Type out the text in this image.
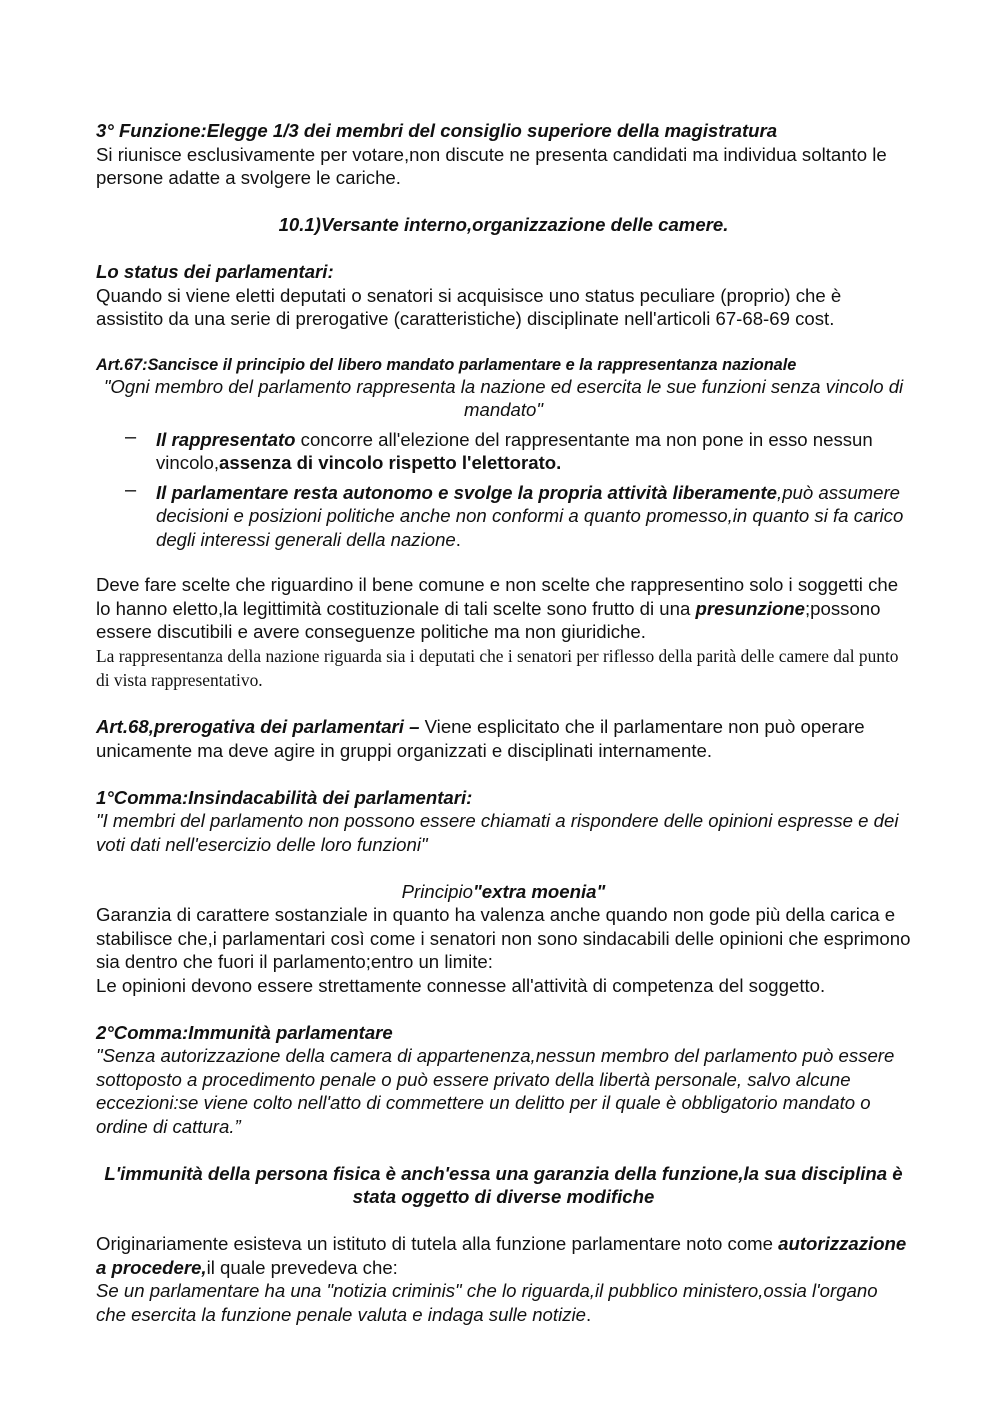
3° Funzione:Elegge 1/3 dei membri del consiglio superiore della magistratura

Si riunisce esclusivamente per votare,non discute ne presenta candidati ma individua soltanto le persone adatte a svolgere le cariche.

10.1)Versante interno,organizzazione delle camere.

Lo status dei parlamentari:

Quando si viene eletti deputati o senatori si acquisisce uno status peculiare (proprio) che è assistito da una serie di prerogative (caratteristiche) disciplinate nell'articoli 67-68-69 cost.

Art.67:Sancisce il principio del libero mandato parlamentare e la rappresentanza nazionale

"Ogni membro del parlamento rappresenta la nazione ed esercita le sue funzioni senza vincolo di mandato"

– Il rappresentato concorre all'elezione del rappresentante ma non pone in esso nessun vincolo,assenza di vincolo rispetto l'elettorato.
– Il parlamentare resta autonomo e svolge la propria attività liberamente,può assumere decisioni e posizioni politiche anche non conformi a quanto promesso,in quanto si fa carico degli interessi generali della nazione.

Deve fare scelte che riguardino il bene comune e non scelte che rappresentino solo i soggetti che lo hanno eletto,la legittimità costituzionale di tali scelte sono frutto di una presunzione;possono essere discutibili e avere conseguenze politiche ma non giuridiche.

La rappresentanza della nazione riguarda sia i deputati che i senatori per riflesso della parità delle camere dal punto di vista rappresentativo.

Art.68,prerogativa dei parlamentari – Viene esplicitato che il parlamentare non può operare unicamente ma deve agire in gruppi organizzati e disciplinati internamente.

1°Comma:Insindacabilità dei parlamentari:

"I membri del parlamento non possono essere chiamati a rispondere delle opinioni espresse e dei voti dati nell'esercizio delle loro funzioni"

Principio"extra moenia"

Garanzia di carattere sostanziale in quanto ha valenza anche quando non gode più della carica e stabilisce che,i parlamentari così come i senatori non sono sindacabili delle opinioni che esprimono sia dentro che fuori il parlamento;entro un limite:

Le opinioni devono essere strettamente connesse all'attività di competenza del soggetto.

2°Comma:Immunità parlamentare

"Senza autorizzazione della camera di appartenenza,nessun membro del parlamento può essere sottoposto a procedimento penale o può essere privato della libertà personale, salvo alcune eccezioni:se viene colto nell'atto di commettere un delitto per il quale è obbligatorio mandato o ordine di cattura.”

L'immunità della persona fisica è anch'essa una garanzia della funzione,la sua disciplina è stata oggetto di diverse modifiche

Originariamente esisteva un istituto di tutela alla funzione parlamentare noto come autorizzazione a procedere,il quale prevedeva che:

Se un parlamentare ha una "notizia criminis" che lo riguarda,il pubblico ministero,ossia l'organo che esercita la funzione penale valuta e indaga sulle notizie.
